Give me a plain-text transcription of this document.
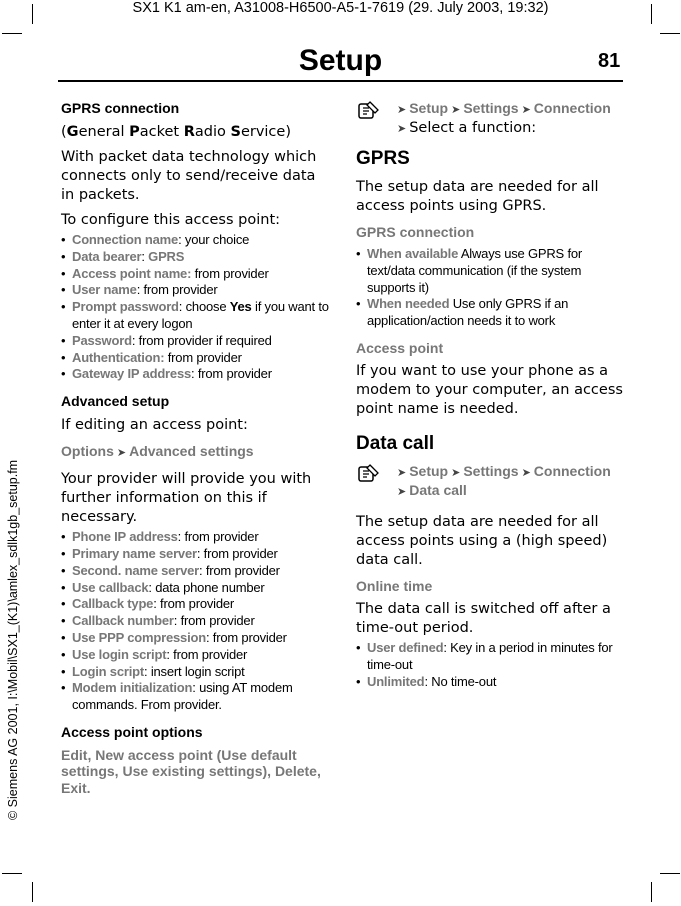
SX1 K1 am-en, A31008-H6500-A5-1-7619 (29. July 2003, 19:32)
Setup	81
© Siemens AG 2001, I:\Mobil\SX1_(K1)\amlex_sdlk1gb_setup.fm
GPRS connection
(General Packet Radio Service)
With packet data technology which connects only to send/receive data in packets.
To configure this access point:
• Connection name: your choice
• Data bearer: GPRS
• Access point name: from provider
• User name: from provider
• Prompt password: choose Yes if you want to enter it at every logon
• Password: from provider if required
• Authentication: from provider
• Gateway IP address: from provider
Advanced setup
If editing an access point:
Options ➤ Advanced settings
Your provider will provide you with further information on this if necessary.
• Phone IP address: from provider
• Primary name server: from provider
• Second. name server: from provider
• Use callback: data phone number
• Callback type: from provider
• Callback number: from provider
• Use PPP compression: from provider
• Use login script: from provider
• Login script: insert login script
• Modem initialization: using AT modem commands. From provider.
Access point options
Edit, New access point (Use default settings, Use existing settings), Delete, Exit.
➤ Setup ➤ Settings ➤ Connection
➤ Select a function:
GPRS
The setup data are needed for all access points using GPRS.
GPRS connection
• When available Always use GPRS for text/data communication (if the system supports it)
• When needed Use only GPRS if an application/action needs it to work
Access point
If you want to use your phone as a modem to your computer, an access point name is needed.
Data call
➤ Setup ➤ Settings ➤ Connection
➤ Data call
The setup data are needed for all access points using a (high speed) data call.
Online time
The data call is switched off after a time-out period.
• User defined: Key in a period in minutes for time-out
• Unlimited: No time-out
